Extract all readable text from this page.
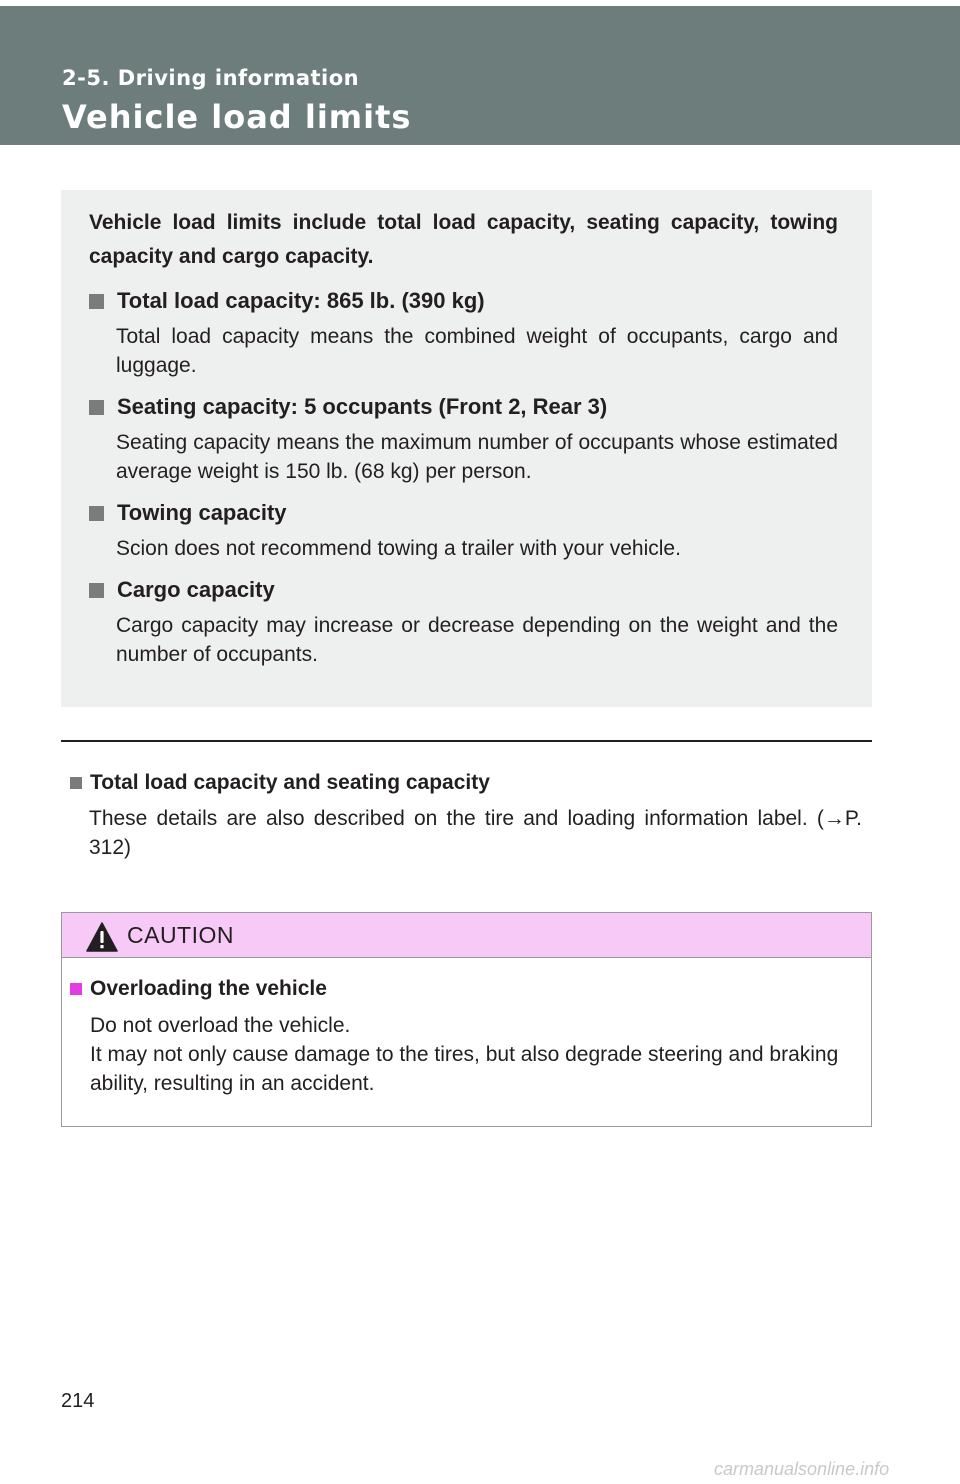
2-5. Driving information
Vehicle load limits

Vehicle load limits include total load capacity, seating capacity, towing capacity and cargo capacity.

Total load capacity: 865 lb. (390 kg)
Total load capacity means the combined weight of occupants, cargo and luggage.
Seating capacity: 5 occupants (Front 2, Rear 3)
Seating capacity means the maximum number of occupants whose estimated average weight is 150 lb. (68 kg) per person.
Towing capacity
Scion does not recommend towing a trailer with your vehicle.
Cargo capacity
Cargo capacity may increase or decrease depending on the weight and the number of occupants.
Total load capacity and seating capacity
These details are also described on the tire and loading information label. (→P. 312)
CAUTION
Overloading the vehicle
Do not overload the vehicle.
It may not only cause damage to the tires, but also degrade steering and braking ability, resulting in an accident.
214
carmanualsonline.info
